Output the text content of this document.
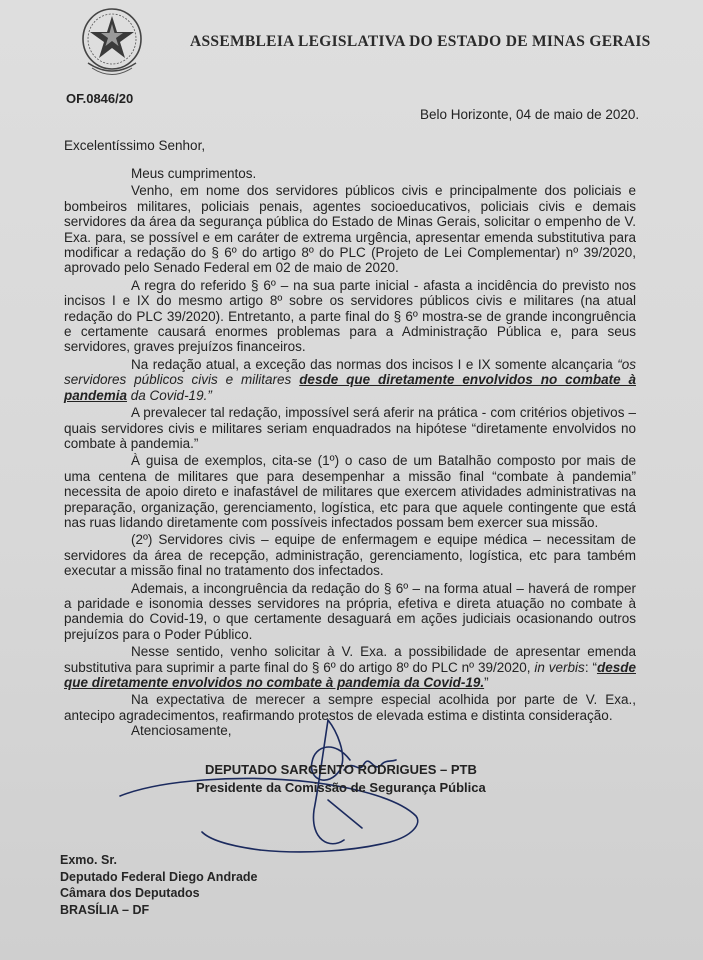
ASSEMBLEIA LEGISLATIVA DO ESTADO DE MINAS GERAIS
OF.0846/20
Belo Horizonte, 04 de maio de 2020.
Excelentíssimo Senhor,

Meus cumprimentos.

Venho, em nome dos servidores públicos civis e principalmente dos policiais e bombeiros militares, policiais penais, agentes socioeducativos, policiais civis e demais servidores da área da segurança pública do Estado de Minas Gerais, solicitar o empenho de V. Exa. para, se possível e em caráter de extrema urgência, apresentar emenda substitutiva para modificar a redação do § 6º do artigo 8º do PLC (Projeto de Lei Complementar) nº 39/2020, aprovado pelo Senado Federal em 02 de maio de 2020.

A regra do referido § 6º – na sua parte inicial - afasta a incidência do previsto nos incisos I e IX do mesmo artigo 8º sobre os servidores públicos civis e militares (na atual redação do PLC 39/2020). Entretanto, a parte final do § 6º mostra-se de grande incongruência e certamente causará enormes problemas para a Administração Pública e, para seus servidores, graves prejuízos financeiros.

Na redação atual, a exceção das normas dos incisos I e IX somente alcançaria “os servidores públicos civis e militares desde que diretamente envolvidos no combate à pandemia da Covid-19.”

A prevalecer tal redação, impossível será aferir na prática - com critérios objetivos – quais servidores civis e militares seriam enquadrados na hipótese “diretamente envolvidos no combate à pandemia.”

À guisa de exemplos, cita-se (1º) o caso de um Batalhão composto por mais de uma centena de militares que para desempenhar a missão final “combate à pandemia” necessita de apoio direto e inafastável de militares que exercem atividades administrativas na preparação, organização, gerenciamento, logística, etc para que aquele contingente que está nas ruas lidando diretamente com possíveis infectados possam bem exercer sua missão.

(2º) Servidores civis – equipe de enfermagem e equipe médica – necessitam de servidores da área de recepção, administração, gerenciamento, logística, etc para também executar a missão final no tratamento dos infectados.

Ademais, a incongruência da redação do § 6º – na forma atual – haverá de romper a paridade e isonomia desses servidores na própria, efetiva e direta atuação no combate à pandemia do Covid-19, o que certamente desaguará em ações judiciais ocasionando outros prejuízos para o Poder Público.

Nesse sentido, venho solicitar à V. Exa. a possibilidade de apresentar emenda substitutiva para suprimir a parte final do § 6º do artigo 8º do PLC nº 39/2020, in verbis: “desde que diretamente envolvidos no combate à pandemia da Covid-19.”

Na expectativa de merecer a sempre especial acolhida por parte de V. Exa., antecipo agradecimentos, reafirmando protestos de elevada estima e distinta consideração.

Atenciosamente,
DEPUTADO SARGENTO RODRIGUES – PTB
Presidente da Comissão de Segurança Pública
Exmo. Sr.
Deputado Federal Diego Andrade
Câmara dos Deputados
BRASÍLIA – DF
